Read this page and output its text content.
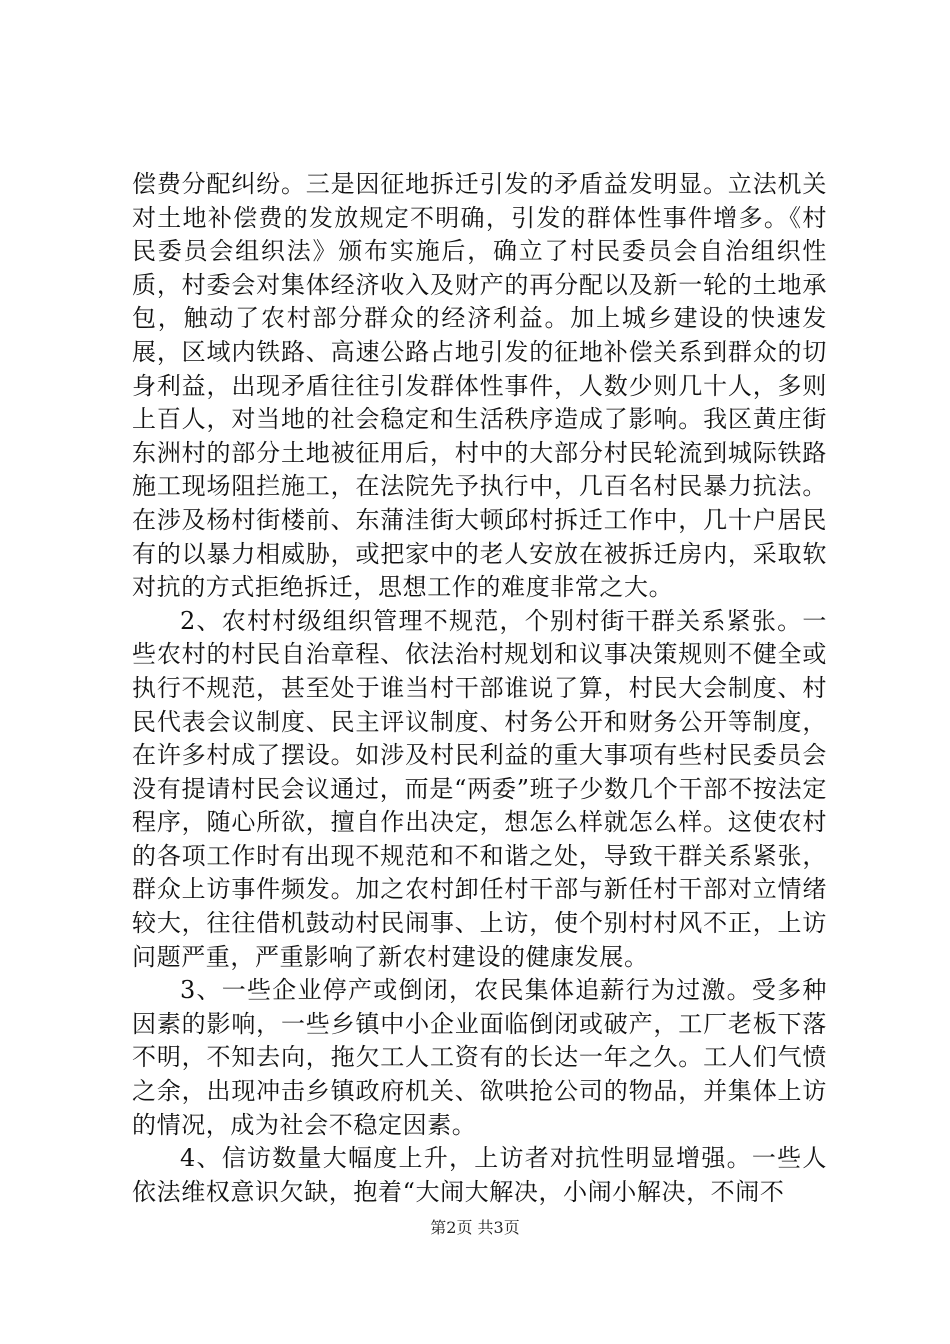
偿费分配纠纷。三是因征地拆迁引发的矛盾益发明显。立法机关对土地补偿费的发放规定不明确，引发的群体性事件增多。《村民委员会组织法》颁布实施后，确立了村民委员会自治组织性质，村委会对集体经济收入及财产的再分配以及新一轮的土地承包，触动了农村部分群众的经济利益。加上城乡建设的快速发展，区域内铁路、高速公路占地引发的征地补偿关系到群众的切身利益，出现矛盾往往引发群体性事件，人数少则几十人，多则上百人，对当地的社会稳定和生活秩序造成了影响。我区黄庄街东洲村的部分土地被征用后，村中的大部分村民轮流到城际铁路施工现场阻拦施工，在法院先予执行中，几百名村民暴力抗法。在涉及杨村街楼前、东蒲洼街大顿邱村拆迁工作中，几十户居民有的以暴力相威胁，或把家中的老人安放在被拆迁房内，采取软对抗的方式拒绝拆迁，思想工作的难度非常之大。

2、农村村级组织管理不规范，个别村街干群关系紧张。一些农村的村民自治章程、依法治村规划和议事决策规则不健全或执行不规范，甚至处于谁当村干部谁说了算，村民大会制度、村民代表会议制度、民主评议制度、村务公开和财务公开等制度，在许多村成了摆设。如涉及村民利益的重大事项有些村民委员会没有提请村民会议通过，而是“两委”班子少数几个干部不按法定程序，随心所欲，擅自作出决定，想怎么样就怎么样。这使农村的各项工作时有出现不规范和不和谐之处，导致干群关系紧张，群众上访事件频发。加之农村卸任村干部与新任村干部对立情绪较大，往往借机鼓动村民闹事、上访，使个别村村风不正，上访问题严重，严重影响了新农村建设的健康发展。

3、一些企业停产或倒闭，农民集体追薪行为过激。受多种因素的影响，一些乡镇中小企业面临倒闭或破产，工厂老板下落不明，不知去向，拖欠工人工资有的长达一年之久。工人们气愤之余，出现冲击乡镇政府机关、欲哄抢公司的物品，并集体上访的情况，成为社会不稳定因素。

4、信访数量大幅度上升，上访者对抗性明显增强。一些人依法维权意识欠缺，抱着“大闹大解决，小闹小解决，不闹不

第2页 共3页
